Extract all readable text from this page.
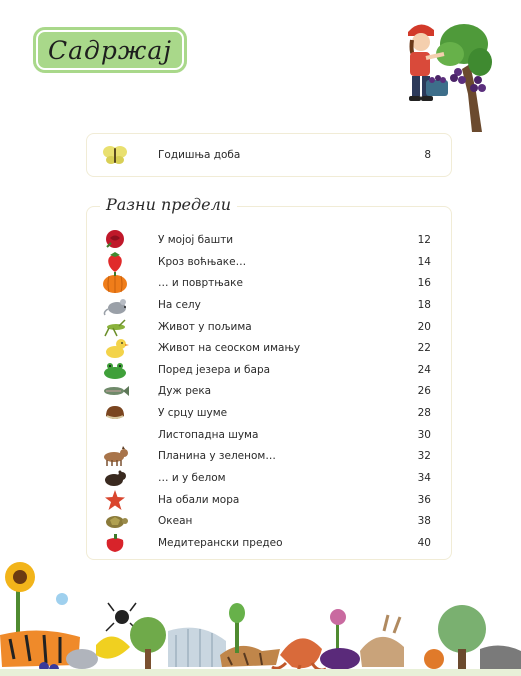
Садржај
Годишња доба	8
У мојој башти	12
Кроз воћњаке…	14
… и повртњаке	16
На селу	18
Живот у пољима	20
Живот на сеоском имању	22
Поред језера и бара	24
Дуж река	26
У срцу шуме	28
Листопадна шума	30
Планина у зеленом…	32
… и у белом	34
На обали мора	36
Океан	38
Медитерански предео	40
Разни предели
